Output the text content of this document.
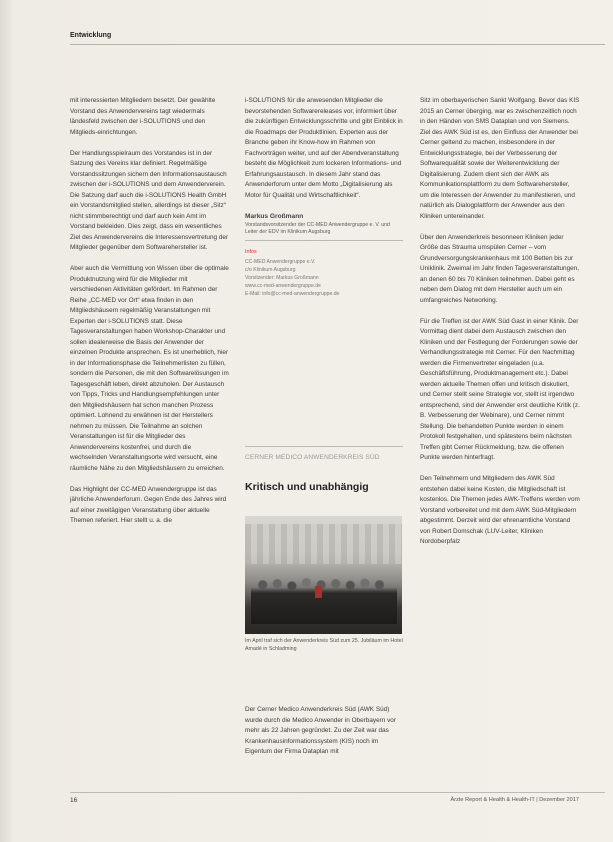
Entwicklung

mit interessierten Mitgliedern besetzt. Der gewählte Vorstand des Anwendervereins tagt wiedermals ländesfeld zwischen der i-SOLUTIONS und den Mitglieds-einrichtungen.

Der Handlungsspielraum des Vorstandes ist in der Satzung des Vereins klar definiert. Regelmäßige Vorstandssitzungen sichern den Informationsaustausch zwischen der i-SOLUTIONS und dem Anwenderverein. Die Satzung darf auch die i-SOLUTIONS Health GmbH ein Vorstandsmitglied stellen, allerdings ist dieser „Sitz“ nicht stimmberechtigt und darf auch kein Amt im Vorstand bekleiden. Dies zeigt, dass ein wesentliches Ziel des Anwendervereins die Interessensvertretung der Mitglieder gegenüber dem Softwarehersteller ist.

Aber auch die Vermittlung von Wissen über die optimale Produktnutzung wird für die Mitglieder mit verschiedenen Aktivitäten gefördert. Im Rahmen der Reihe „CC-MED vor Ort“ etwa finden in den Mitgliedshäusern regelmäßig Veranstaltungen mit Experten der i-SOLUTIONS statt. Diese Tagesveranstaltungen haben Workshop-Charakter und sollen idealerweise die Basis der Anwender der einzelnen Produkte ansprechen. Es ist unerheblich, hier in der Informationsphase die Teilnehmerlisten zu füllen, sondern die Personen, die mit den Softwarelösungen im Tagesgeschäft leben, direkt abzuholen. Der Austausch von Tipps, Tricks und Handlungsempfehlungen unter den Mitgliedshäusern hat schon manchen Prozess optimiert. Lohnend zu erwähnen ist der Herstellers nehmen zu müssen. Die Teilnahme an solchen Veranstaltungen ist für die Mitglieder des Anwendervereins kostenfrei, und durch die wechselnden Veranstaltungsorte wird versucht, eine räumliche Nähe zu den Mitgliedshäusern zu erreichen.

Das Highlight der CC-MED Anwendergruppe ist das jährliche Anwenderforum. Gegen Ende des Jahres wird auf einer zweitägigen Veranstaltung über aktuelle Themen referiert. Hier stellt u. a. die

i-SOLUTIONS für die anwesenden Mitglieder die bevorstehenden Softwarereleases vor, informiert über die zukünftigen Entwicklungsschritte und gibt Einblick in die Roadmaps der Produktlinien. Experten aus der Branche geben ihr Know-how im Rahmen von Fachvorträgen weiter, und auf der Abendveranstaltung besteht die Möglichkeit zum lockeren Informations- und Erfahrungsaustausch. In diesem Jahr stand das Anwenderforum unter dem Motto „Digitalisierung als Motor für Qualität und Wirtschaftlichkeit“.

Markus Großmann
Vorstandsvorsitzender der CC-MED Anwendergruppe e. V. und Leiter der EDV im Klinikum Augsburg
Infos
CC-MED Anwendergruppe e.V.
c/o Klinikum Augsburg
Vorsitzender: Markus Großmann
www.cc-med-anwendergruppe.de
E-Mail: info@cc-med-anwendergruppe.de
CERNER MEDICO ANWENDERKREIS SÜD
Kritisch und unabhängig
Im April traf sich der Anwenderkreis Süd zum 25. Jubiläum im Hotel Amadé in Schladming

Der Cerner Medico Anwenderkreis Süd (AWK Süd) wurde durch die Medico Anwender in Oberbayern vor mehr als 22 Jahren gegründet. Zu der Zeit war das Krankenhausinformationssystem (KIS) noch im Eigentum der Firma Dataplan mit

Sitz im oberbayerischen Sankt Wolfgang. Bevor das KIS 2015 an Cerner überging, war es zwischenzeitlich noch in den Händen von SMS Dataplan und von Siemens. Ziel des AWK Süd ist es, den Einfluss der Anwender bei Cerner geltend zu machen, insbesondere in der Entwicklungsstrategie, bei der Verbesserung der Softwarequalität sowie der Weiterentwicklung der Digitalisierung. Zudem dient sich der AWK als Kommunikationsplattform zu dem Softwarehersteller, um die Interessen der Anwender zu manifestieren, und natürlich als Dialogplattform der Anwender aus den Kliniken untereinander.

Über den Anwenderkreis besonneen Kliniken jeder Größe das Strauma umspülen Cerner – vom Grundversorgungskrankenhaus mit 100 Betten bis zur Uniklinik. Zweimal im Jahr finden Tagesveranstaltungen, an denen 60 bis 70 Kliniken teilnehmen. Dabei geht es neben dem Dialog mit dem Hersteller auch um ein umfangreiches Networking.

Für die Treffen ist der AWK Süd Gast in einer Klinik. Der Vormittag dient dabei dem Austausch zwischen den Kliniken und der Festlegung der Forderungen sowie der Verhandlungsstrategie mit Cerner. Für den Nachmittag werden die Firmenvertreter eingeladen (u.a. Geschäftsführung, Produktmanagement etc.). Dabei werden aktuelle Themen offen und kritisch diskutiert, und Cerner stellt seine Strategie vor, stellt ist irgendwo entsprechend, sind der Anwender erst deutliche Kritik (z. B. Verbesserung der Webinare), und Cerner nimmt Stellung. Die behandelten Punkte werden in einem Protokoll festgehalten, und spätestens beim nächsten Treffen gibt Cerner Rückmeldung, bzw. die offenen Punkte werden hinterfragt.

Den Teilnehmern und Mitgliedern des AWK Süd entstehen dabei keine Kosten, die Mitgliedschaft ist kostenlos. Die Themen jedes AWK-Treffens werden vom Vorstand vorbereitet und mit dem AWK Süd-Mitgliedern abgestimmt. Derzeit wird der ehrenamtliche Vorstand von Robert Domschak (LUV-Leiter, Kliniken Nordoberpfalz

16	Ärzte Report & Health & Health-IT | Dezember 2017
